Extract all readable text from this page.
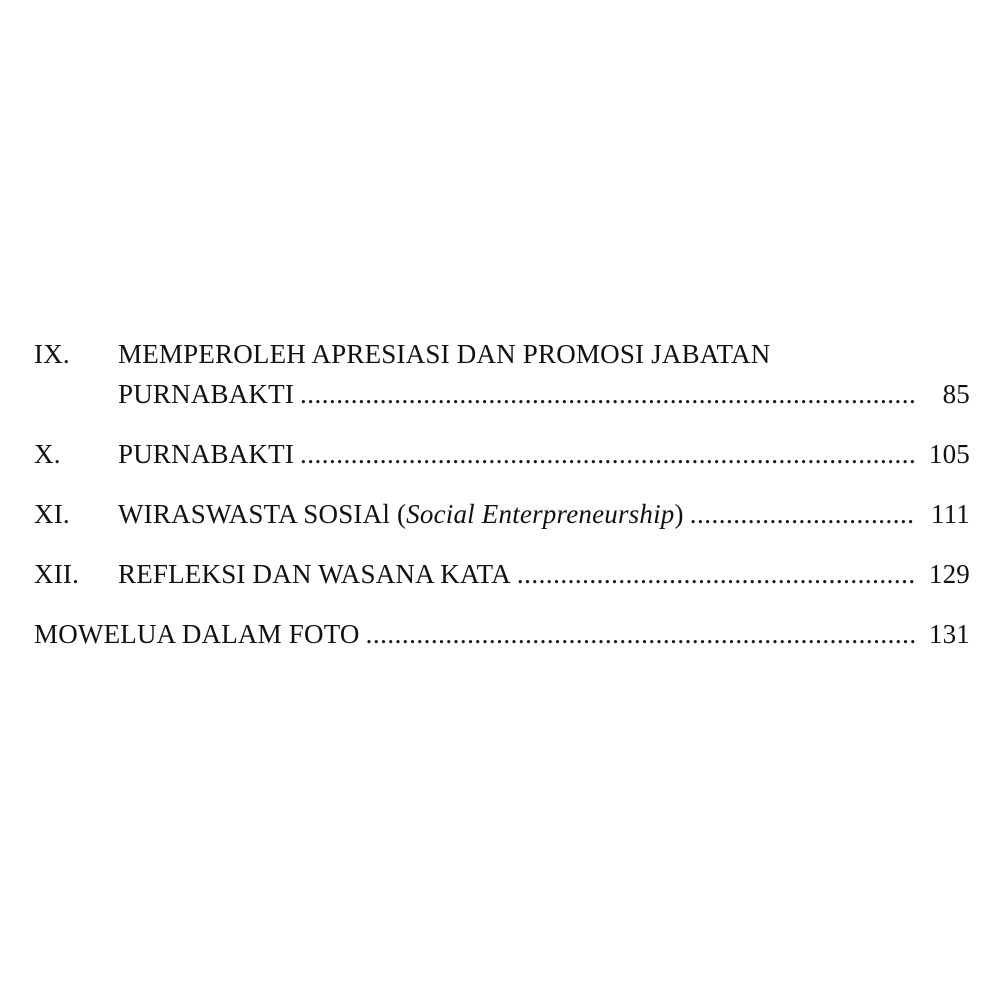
IX.	MEMPEROLEH APRESIASI DAN PROMOSI JABATAN
PURNABAKTI .....	85
X.	PURNABAKTI .....	105
XI.	WIRASWASTA SOSIAl (Social Enterpreneurship) .....	111
XII.	REFLEKSI DAN WASANA KATA .....	129
MOWELUA DALAM FOTO .....	131
